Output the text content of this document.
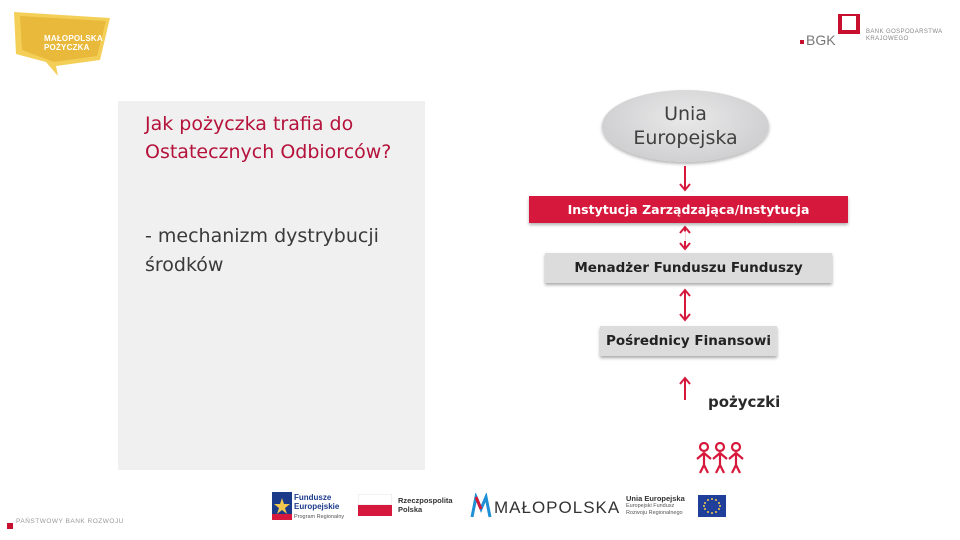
MAŁOPOLSKA
POŻYCZKA	BGK	BANK GOSPODARSTWA
KRAJOWEGO
Jak pożyczka trafia do Ostatecznych Odbiorców?
- mechanizm dystrybucji środków
Unia
Europejska
Instytucja Zarządzająca/Instytucja Pośrednicząca
Menadżer Funduszu Funduszy
Pośrednicy Finansowi
pożyczki
PAŃSTWOWY BANK ROZWOJU
Fundusze
Europejskie
Program Regionalny
Rzeczpospolita
Polska	MAŁOPOLSKA Unia Europejska
Europejski Fundusz
Rozwoju Regionalnego
